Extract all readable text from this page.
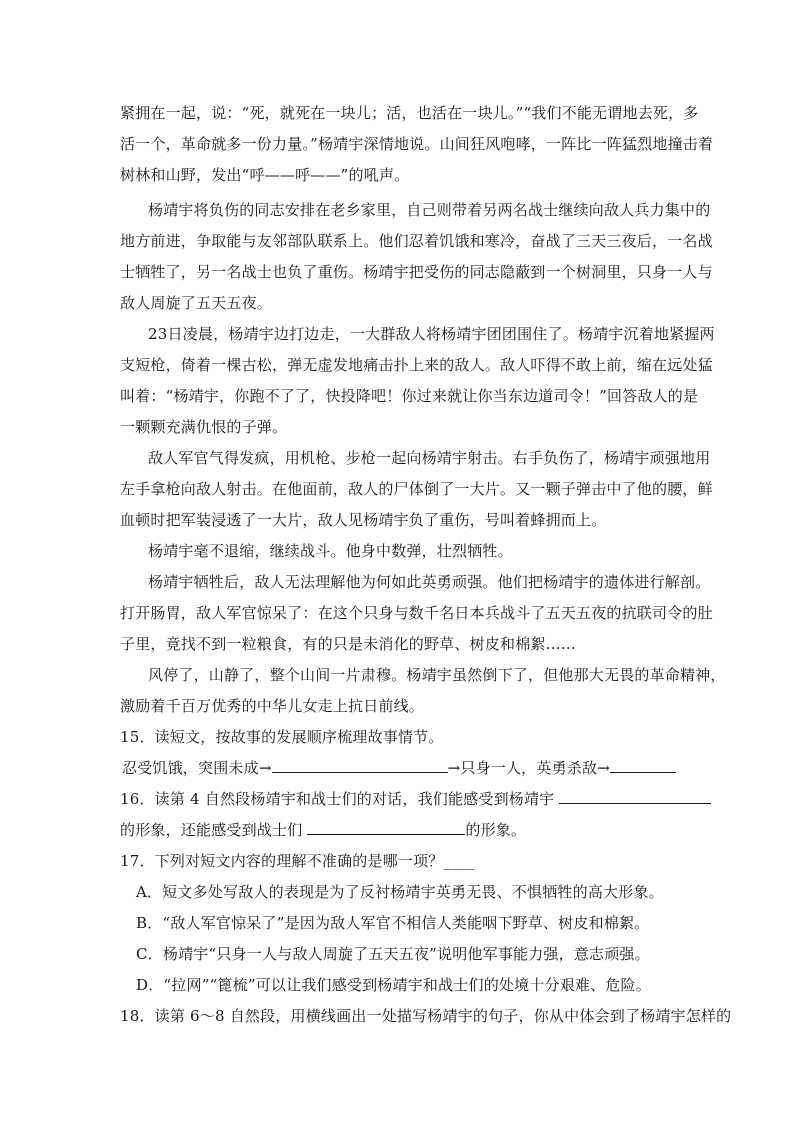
紧拥在一起，说：“死，就死在一块儿；活，也活在一块儿。”“我们不能无谓地去死，多
活一个，革命就多一份力量。”杨靖宇深情地说。山间狂风咆哮，一阵比一阵猛烈地撞击着
树林和山野，发出“呼——呼——”的吼声。
杨靖宇将负伤的同志安排在老乡家里，自己则带着另两名战士继续向敌人兵力集中的
地方前进，争取能与友邻部队联系上。他们忍着饥饿和寒冷，奋战了三天三夜后，一名战
士牺牲了，另一名战士也负了重伤。杨靖宇把受伤的同志隐蔽到一个树洞里，只身一人与
敌人周旋了五天五夜。
23日凌晨，杨靖宇边打边走，一大群敌人将杨靖宇团团围住了。杨靖宇沉着地紧握两
支短枪，倚着一棵古松，弹无虚发地痛击扑上来的敌人。敌人吓得不敢上前，缩在远处猛
叫着：“杨靖宇，你跑不了了，快投降吧！你过来就让你当东边道司令！”回答敌人的是
一颗颗充满仇恨的子弹。
敌人军官气得发疯，用机枪、步枪一起向杨靖宇射击。右手负伤了，杨靖宇顽强地用
左手拿枪向敌人射击。在他面前，敌人的尸体倒了一大片。又一颗子弹击中了他的腰，鲜
血顿时把军装浸透了一大片，敌人见杨靖宇负了重伤，号叫着蜂拥而上。
杨靖宇毫不退缩，继续战斗。他身中数弹，壮烈牺牲。
杨靖宇牺牲后，敌人无法理解他为何如此英勇顽强。他们把杨靖宇的遗体进行解剖。
打开肠胃，敌人军官惊呆了：在这个只身与数千名日本兵战斗了五天五夜的抗联司令的肚
子里，竟找不到一粒粮食，有的只是未消化的野草、树皮和棉絮……
风停了，山静了，整个山间一片肃穆。杨靖宇虽然倒下了，但他那大无畏的革命精神，
激励着千百万优秀的中华儿女走上抗日前线。
15．读短文，按故事的发展顺序梳理故事情节。
忍受饥饿，突围未成→	→只身一人，英勇杀敌→
16．读第 4 自然段杨靖宇和战士们的对话，我们能感受到杨靖宇
的形象，还能感受到战士们	的形象。
17．下列对短文内容的理解不准确的是哪一项？____
A．短文多处写敌人的表现是为了反衬杨靖宇英勇无畏、不惧牺牲的高大形象。
B．“敌人军官惊呆了”是因为敌人军官不相信人类能咽下野草、树皮和棉絮。
C．杨靖宇“只身一人与敌人周旋了五天五夜”说明他军事能力强，意志顽强。
D．“拉网”“篦梳”可以让我们感受到杨靖宇和战士们的处境十分艰难、危险。
18．读第 6～8 自然段，用横线画出一处描写杨靖宇的句子，你从中体会到了杨靖宇怎样的
